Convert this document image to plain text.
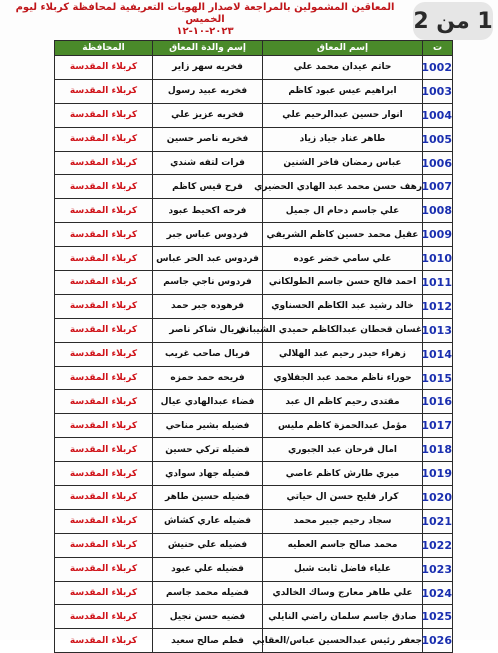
المعاقين المشمولين بالمراجعة لاصدار الهويات التعريفية لمحافظة كربلاء ليوم الخميس
٢٠٢٣-١٠-١٢	1 من 2
ت	إسم المعاق	إسم والدة المعاق	المحافظة
1002	حاتم عيدان محمد علي	فخريه سهر زاير	كربلاء المقدسة
1003	ابراهيم عيس عبود كاظم	فخريه عبيد رسول	كربلاء المقدسة
1004	انوار حسين عبدالرحيم علي	فخريه عزيز علي	كربلاء المقدسة
1005	طاهر عناد جياد زياد	فخريه ناصر حسين	كربلاء المقدسة
1006	عباس رمضان فاخر الشنين	فرات لتفه شندي	كربلاء المقدسة
1007	رهف حسن محمد عبد الهادي الحضيري	فرح قيس كاظم	كربلاء المقدسة
1008	علي جاسم دحام ال جميل	فرحه اكحيط عبود	كربلاء المقدسة
1009	عقيل محمد حسين كاظم الشريفي	فردوس عباس جبر	كربلاء المقدسة
1010	علي سامي خضر عوده	فردوس عبد الحر عباس	كربلاء المقدسة
1011	احمد فالح حسن جاسم الطولكاني	فردوس ناجي جاسم	كربلاء المقدسة
1012	خالد رشيد عبد الكاظم الحسناوي	فرهوده جبر حمد	كربلاء المقدسة
1013	غسان قحطان عبدالكاظم حميدي الشيباني	فريال شاكر ناصر	كربلاء المقدسة
1014	زهراء حيدر رحيم عبد الهلالي	فريال صاحب غريب	كربلاء المقدسة
1015	حوراء ناظم محمد عبد الجفلاوي	فريحه حمد حمزه	كربلاء المقدسة
1016	مقتدى رحيم كاظم ال عبد	فضاء عبدالهادي عيال	كربلاء المقدسة
1017	مؤمل عبدالحمزة كاظم مليس	فضيله بشير مناحي	كربلاء المقدسة
1018	امال فرحان عبد الجبوري	فضيله تركي حسين	كربلاء المقدسة
1019	ميري طارش كاظم عاصي	فضيله جهاد سوادي	كربلاء المقدسة
1020	كرار فليح حسن ال حياتي	فضيله حسين طاهر	كربلاء المقدسة
1021	سجاد رحيم جبير محمد	فضيله عاري كشاش	كربلاء المقدسة
1022	محمد صالح جاسم العطيه	فضيله علي حنيش	كربلاء المقدسة
1023	علياء فاضل ثابت شبل	فضيله علي عبود	كربلاء المقدسة
1024	علي طاهر معارج وساك الخالدي	فضيله محمد جاسم	كربلاء المقدسة
1025	صادق جاسم سلمان راضي النايلي	فضيه حسن نجيل	كربلاء المقدسة
1026	جعفر رئيس عبدالحسين عباس/العقابي	فطم صالح سعيد	كربلاء المقدسة
